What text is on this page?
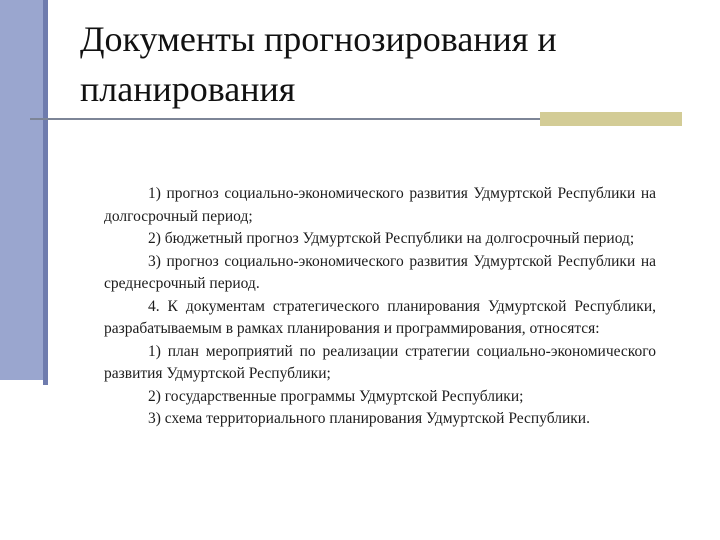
Документы прогнозирования и
планирования

1) прогноз социально-экономического развития Удмуртской Республики на долгосрочный период;

2) бюджетный прогноз Удмуртской Республики на долгосрочный период;

3) прогноз социально-экономического развития Удмуртской Республики на среднесрочный период.

4. К документам стратегического планирования Удмуртской Республики, разрабатываемым в рамках планирования и программирования, относятся:

1) план мероприятий по реализации стратегии социально-экономического развития Удмуртской Республики;

2) государственные программы Удмуртской Республики;

3) схема территориального планирования Удмуртской Республики.
